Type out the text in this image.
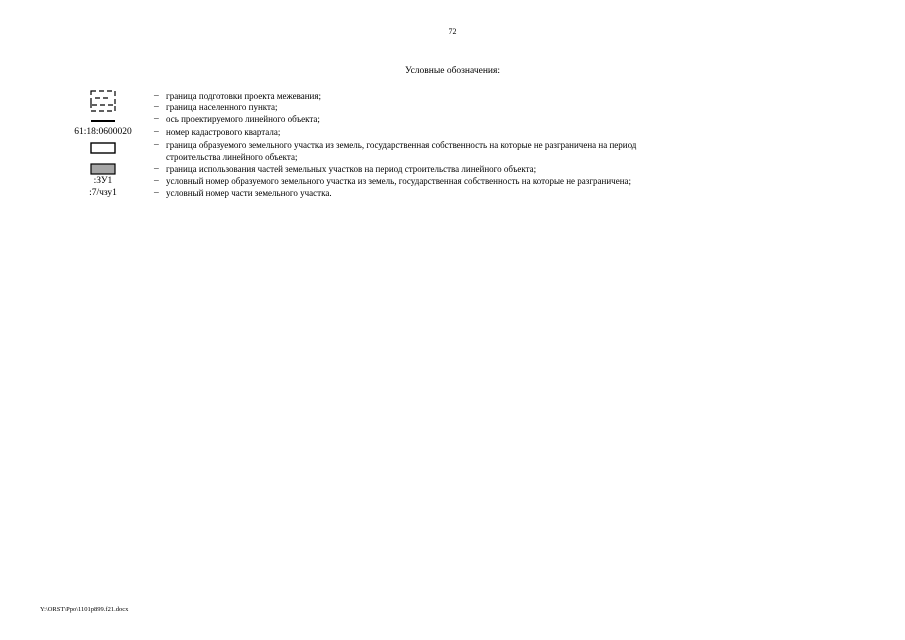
72
Условные обозначения:
– граница подготовки проекта межевания;
– граница населенного пункта;
– ось проектируемого линейного объекта;
61:18:0600020 – номер кадастрового квартала;
– граница образуемого земельного участка из земель, государственная собственность на которые не разграничена на период
строительства линейного объекта;
– граница использования частей земельных участков на период строительства линейного объекта;
:ЗУ1	– условный номер образуемого земельного участка из земель, государственная собственность на которые не разграничена;
:7/чзу1	– условный номер части земельного участка.
Y:\ORST\Ppo\1101p899.f21.docx
